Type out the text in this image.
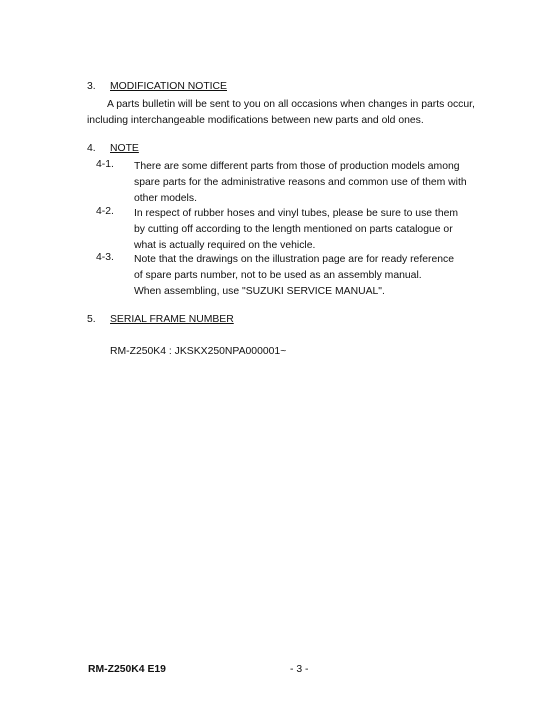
3. MODIFICATION NOTICE
A parts bulletin will be sent to you on all occasions when changes in parts occur,
including interchangeable modifications between new parts and old ones.
4. NOTE
4-1. There are some different parts from those of production models among
spare parts for the administrative reasons and common use of them with
other models.
4-2. In respect of rubber hoses and vinyl tubes, please be sure to use them
by cutting off according to the length mentioned on parts catalogue or
what is actually required on the vehicle.
4-3. Note that the drawings on the illustration page are for ready reference
of spare parts number, not to be used as an assembly manual.
When assembling, use "SUZUKI SERVICE MANUAL".
5. SERIAL FRAME NUMBER
RM-Z250K4 : JKSKX250NPA000001~
RM-Z250K4 E19	- 3 -
